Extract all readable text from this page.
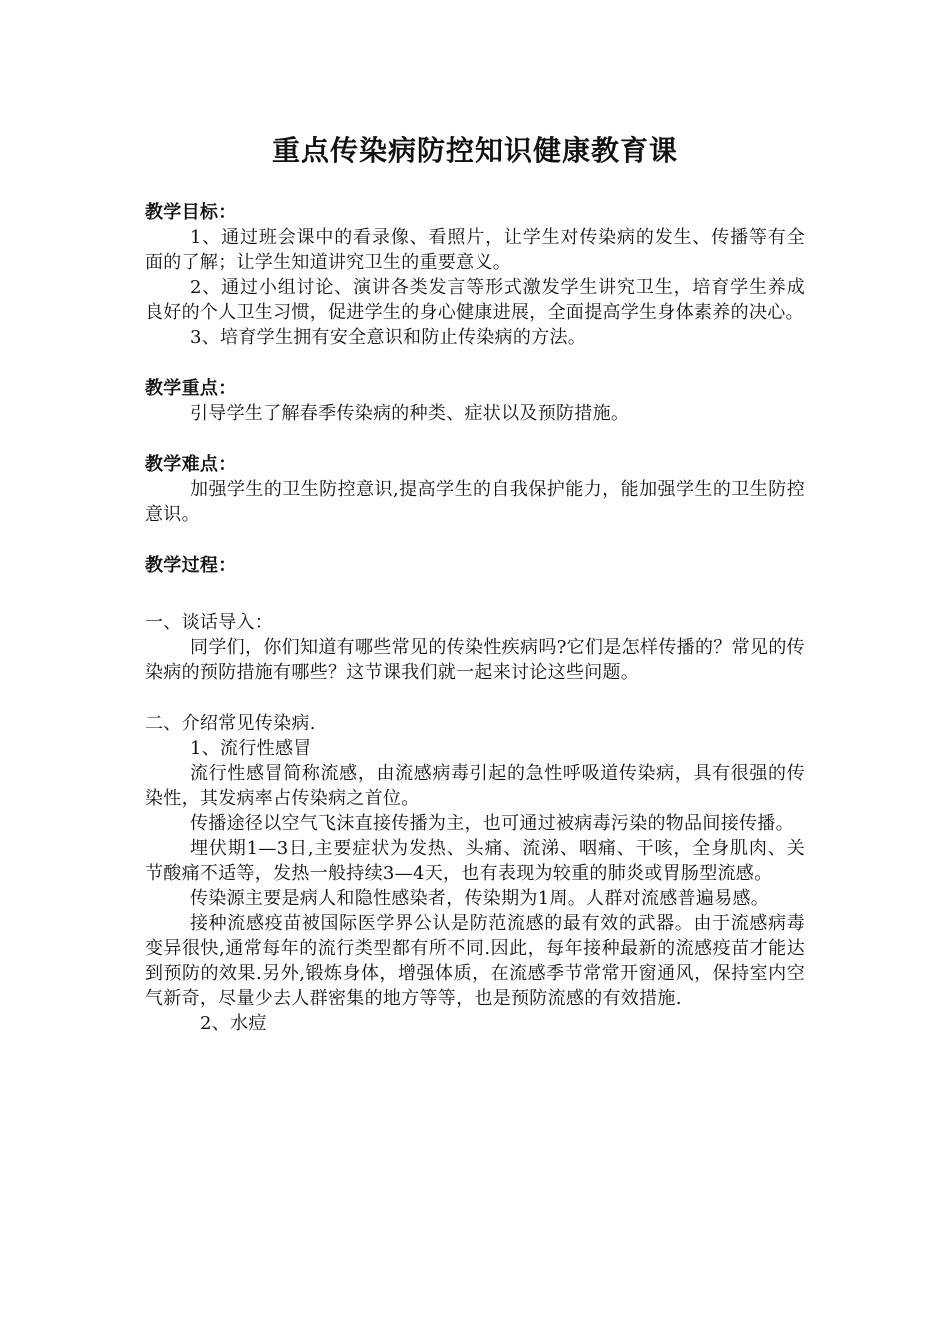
重点传染病防控知识健康教育课

教学目标：

1、通过班会课中的看录像、看照片，让学生对传染病的发生、传播等有全面的了解；让学生知道讲究卫生的重要意义。

2、通过小组讨论、演讲各类发言等形式激发学生讲究卫生，培育学生养成良好的个人卫生习惯，促进学生的身心健康进展，全面提高学生身体素养的决心。

3、培育学生拥有安全意识和防止传染病的方法。

教学重点：

引导学生了解春季传染病的种类、症状以及预防措施。

教学难点：

加强学生的卫生防控意识,提高学生的自我保护能力，能加强学生的卫生防控意识。

教学过程：

一、谈话导入：

同学们，你们知道有哪些常见的传染性疾病吗?它们是怎样传播的？常见的传染病的预防措施有哪些？这节课我们就一起来讨论这些问题。

二、介绍常见传染病.

1、流行性感冒

流行性感冒简称流感，由流感病毒引起的急性呼吸道传染病，具有很强的传染性，其发病率占传染病之首位。

传播途径以空气飞沫直接传播为主，也可通过被病毒污染的物品间接传播。

埋伏期1—3日,主要症状为发热、头痛、流涕、咽痛、干咳，全身肌肉、关节酸痛不适等，发热一般持续3—4天，也有表现为较重的肺炎或胃肠型流感。

传染源主要是病人和隐性感染者，传染期为1周。人群对流感普遍易感。

接种流感疫苗被国际医学界公认是防范流感的最有效的武器。由于流感病毒变异很快,通常每年的流行类型都有所不同.因此，每年接种最新的流感疫苗才能达到预防的效果.另外,锻炼身体，增强体质，在流感季节常常开窗通风，保持室内空气新奇，尽量少去人群密集的地方等等，也是预防流感的有效措施.

2、水痘
